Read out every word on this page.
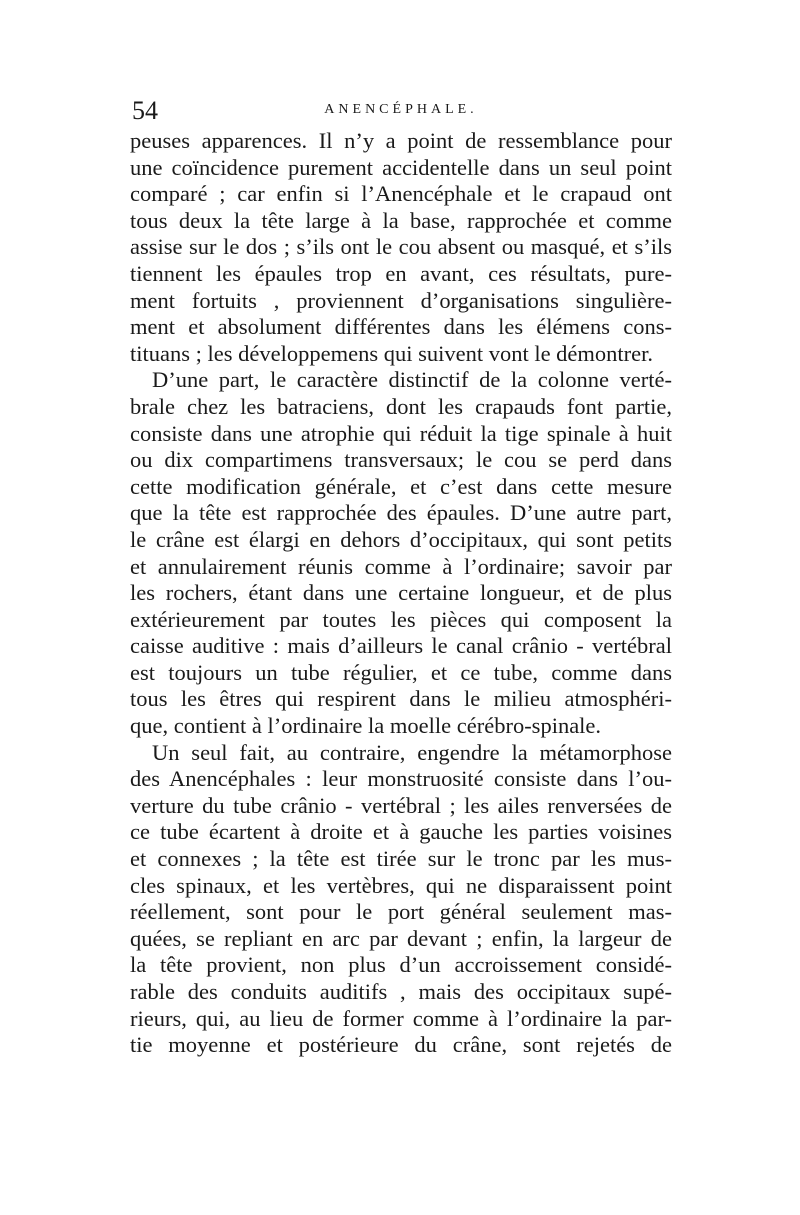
54	ANENCÉPHALE.
peuses apparences. Il n’y a point de ressemblance pour
une coïncidence purement accidentelle dans un seul point
comparé ; car enfin si l’Anencéphale et le crapaud ont
tous deux la tête large à la base, rapprochée et comme
assise sur le dos ; s’ils ont le cou absent ou masqué, et s’ils
tiennent les épaules trop en avant, ces résultats, pure-
ment fortuits , proviennent d’organisations singulière-
ment et absolument différentes dans les élémens cons-
tituans ; les développemens qui suivent vont le démontrer.
D’une part, le caractère distinctif de la colonne verté-
brale chez les batraciens, dont les crapauds font partie,
consiste dans une atrophie qui réduit la tige spinale à huit
ou dix compartimens transversaux; le cou se perd dans
cette modification générale, et c’est dans cette mesure
que la tête est rapprochée des épaules. D’une autre part,
le crâne est élargi en dehors d’occipitaux, qui sont petits
et annulairement réunis comme à l’ordinaire; savoir par
les rochers, étant dans une certaine longueur, et de plus
extérieurement par toutes les pièces qui composent la
caisse auditive : mais d’ailleurs le canal crânio - vertébral
est toujours un tube régulier, et ce tube, comme dans
tous les êtres qui respirent dans le milieu atmosphéri-
que, contient à l’ordinaire la moelle cérébro-spinale.
Un seul fait, au contraire, engendre la métamorphose
des Anencéphales : leur monstruosité consiste dans l’ou-
verture du tube crânio - vertébral ; les ailes renversées de
ce tube écartent à droite et à gauche les parties voisines
et connexes ; la tête est tirée sur le tronc par les mus-
cles spinaux, et les vertèbres, qui ne disparaissent point
réellement, sont pour le port général seulement mas-
quées, se repliant en arc par devant ; enfin, la largeur de
la tête provient, non plus d’un accroissement considé-
rable des conduits auditifs , mais des occipitaux supé-
rieurs, qui, au lieu de former comme à l’ordinaire la par-
tie moyenne et postérieure du crâne, sont rejetés de
